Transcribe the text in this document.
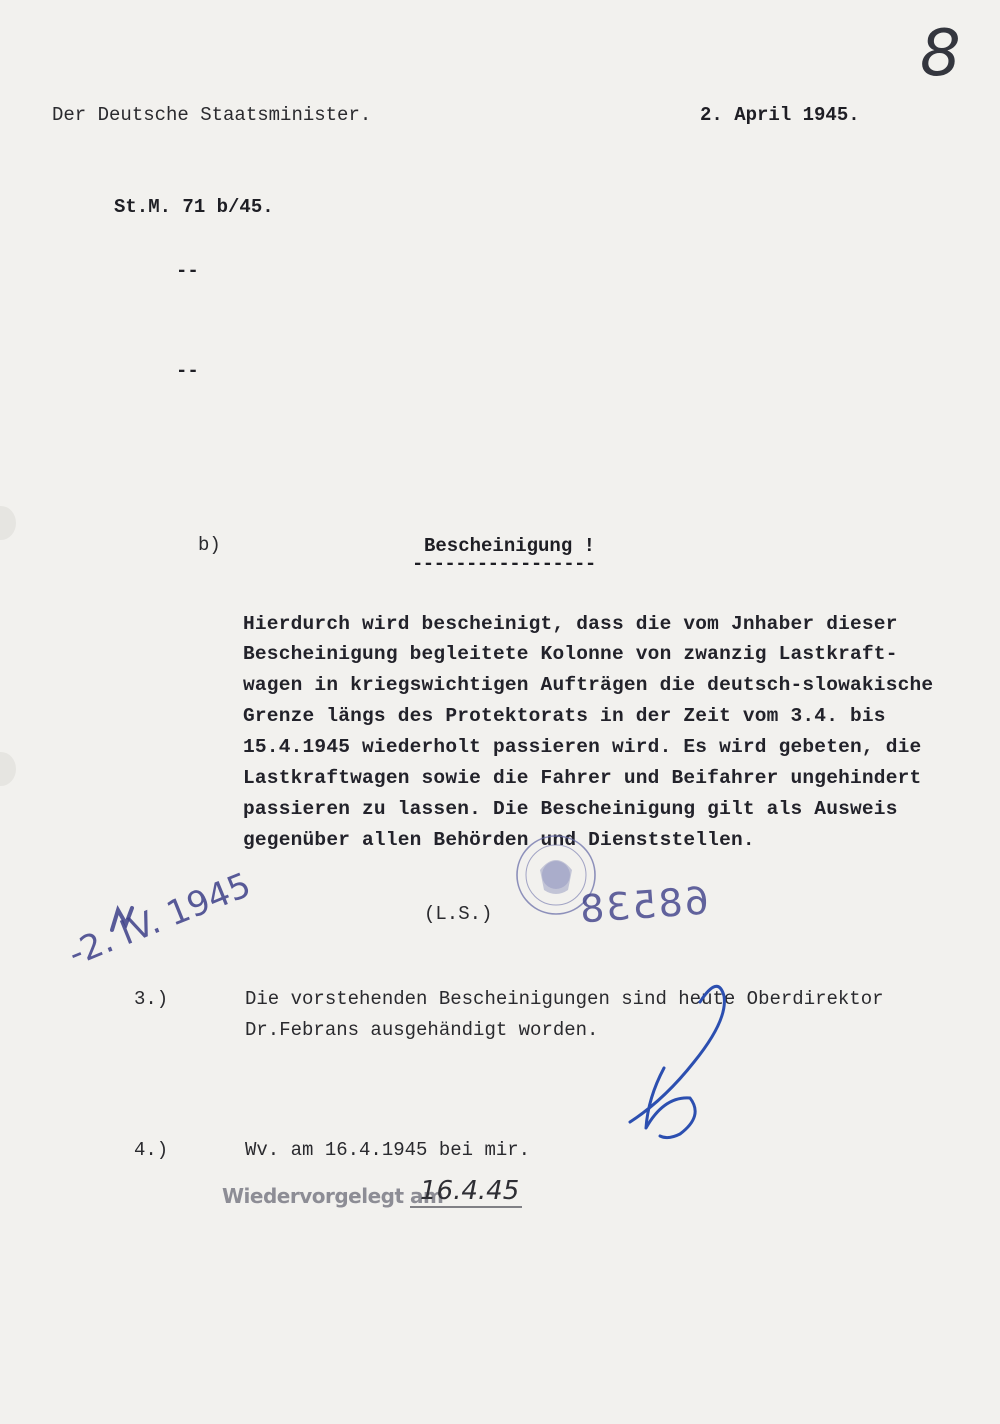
8
Der Deutsche Staatsminister.	2. April 1945.
St.M. 71 b/45.
--
--
b)	Bescheinigung !
-----------------
Hierdurch wird bescheinigt, dass die vom Jnhaber dieser
Bescheinigung begleitete Kolonne von zwanzig Lastkraft-
wagen in kriegswichtigen Aufträgen die deutsch-slowakische
Grenze längs des Protektorats in der Zeit vom 3.4. bis
15.4.1945 wiederholt passieren wird. Es wird gebeten, die
Lastkraftwagen sowie die Fahrer und Beifahrer ungehindert
passieren zu lassen. Die Bescheinigung gilt als Ausweis
gegenüber allen Behörden und Dienststellen.
(L.S.) 68538
-2. IV. 1945
3.)	Die vorstehenden Bescheinigungen sind heute Oberdirektor
Dr.Febrans ausgehändigt worden.
4.)	Wv. am 16.4.1945 bei mir.
Wiedervorgelegt am
16.4.45
